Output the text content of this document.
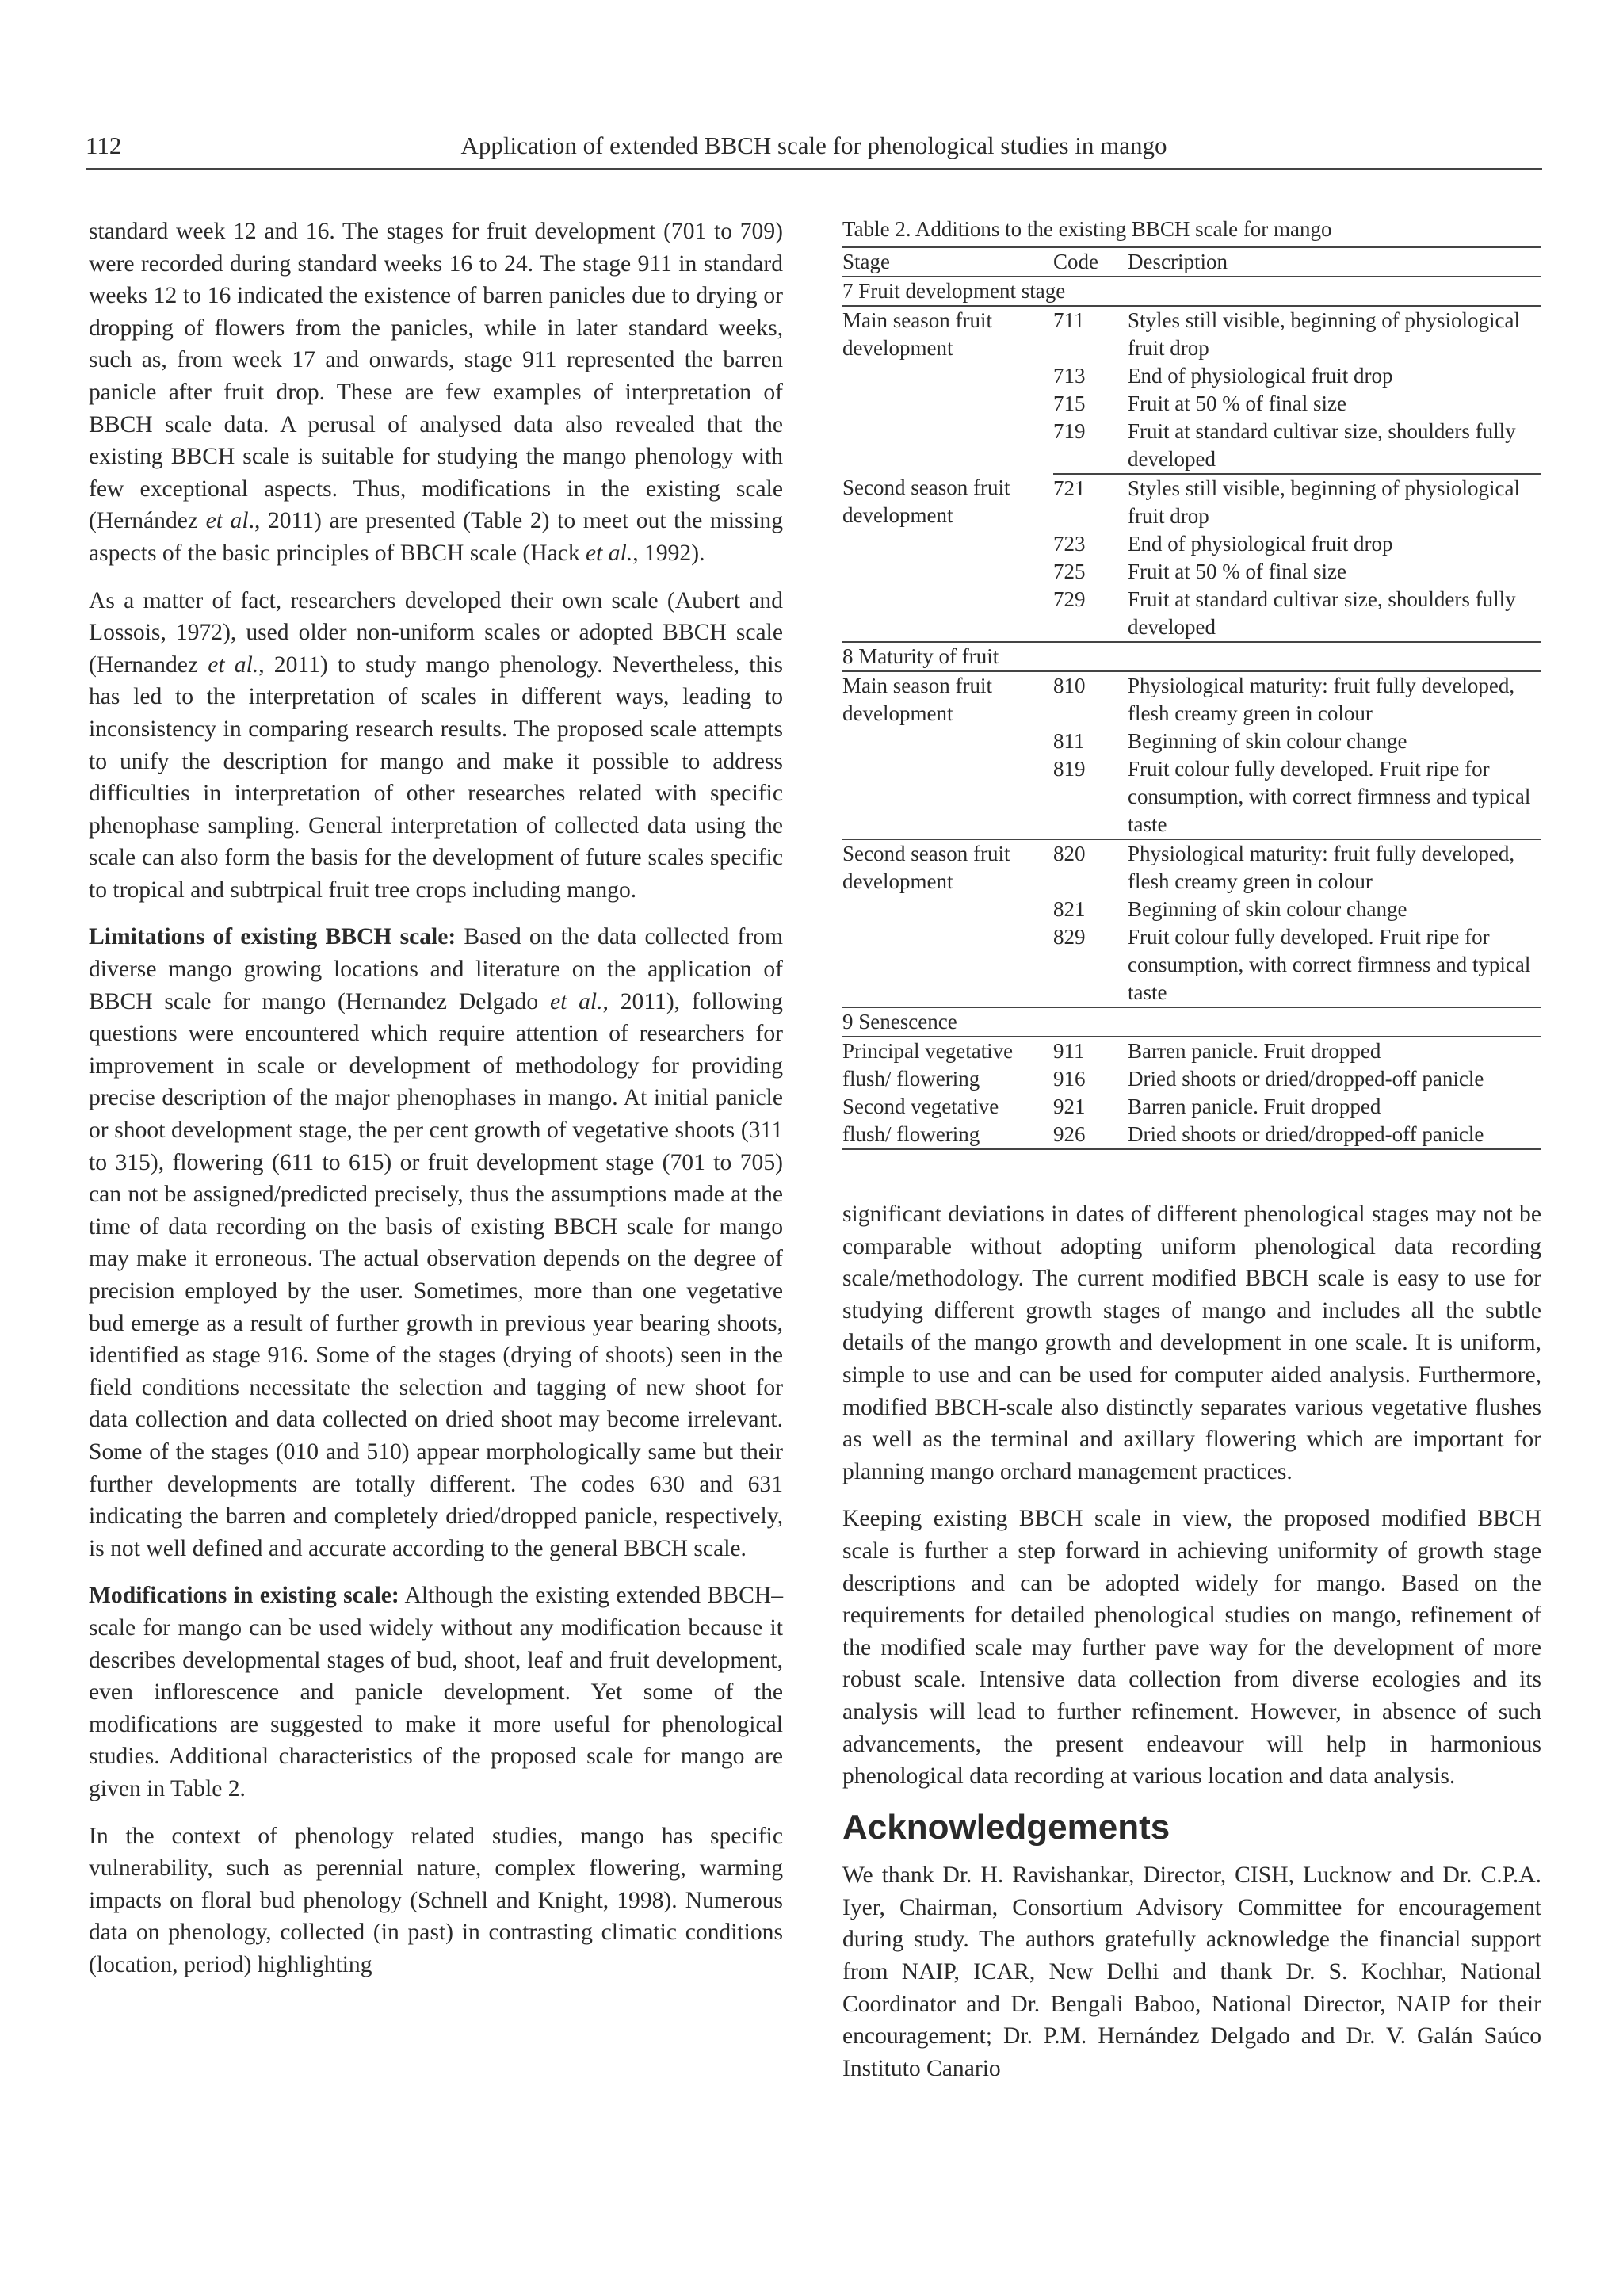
112	Application of extended BBCH scale for phenological studies in mango

standard week 12 and 16. The stages for fruit development (701 to 709) were recorded during standard weeks 16 to 24. The stage 911 in standard weeks 12 to 16 indicated the existence of barren panicles due to drying or dropping of flowers from the panicles, while in later standard weeks, such as, from week 17 and onwards, stage 911 represented the barren panicle after fruit drop. These are few examples of interpretation of BBCH scale data. A perusal of analysed data also revealed that the existing BBCH scale is suitable for studying the mango phenology with few exceptional aspects. Thus, modifications in the existing scale (Hernández et al., 2011) are presented (Table 2) to meet out the missing aspects of the basic principles of BBCH scale (Hack et al., 1992).

As a matter of fact, researchers developed their own scale (Aubert and Lossois, 1972), used older non-uniform scales or adopted BBCH scale (Hernandez et al., 2011) to study mango phenology. Nevertheless, this has led to the interpretation of scales in different ways, leading to inconsistency in comparing research results. The proposed scale attempts to unify the description for mango and make it possible to address difficulties in interpretation of other researches related with specific phenophase sampling. General interpretation of collected data using the scale can also form the basis for the development of future scales specific to tropical and subtrpical fruit tree crops including mango.

Limitations of existing BBCH scale: Based on the data collected from diverse mango growing locations and literature on the application of BBCH scale for mango (Hernandez Delgado et al., 2011), following questions were encountered which require attention of researchers for improvement in scale or development of methodology for providing precise description of the major phenophases in mango. At initial panicle or shoot development stage, the per cent growth of vegetative shoots (311 to 315), flowering (611 to 615) or fruit development stage (701 to 705) can not be assigned/predicted precisely, thus the assumptions made at the time of data recording on the basis of existing BBCH scale for mango may make it erroneous. The actual observation depends on the degree of precision employed by the user. Sometimes, more than one vegetative bud emerge as a result of further growth in previous year bearing shoots, identified as stage 916. Some of the stages (drying of shoots) seen in the field conditions necessitate the selection and tagging of new shoot for data collection and data collected on dried shoot may become irrelevant. Some of the stages (010 and 510) appear morphologically same but their further developments are totally different. The codes 630 and 631 indicating the barren and completely dried/dropped panicle, respectively, is not well defined and accurate according to the general BBCH scale.

Modifications in existing scale: Although the existing extended BBCH–scale for mango can be used widely without any modification because it describes developmental stages of bud, shoot, leaf and fruit development, even inflorescence and panicle development. Yet some of the modifications are suggested to make it more useful for phenological studies. Additional characteristics of the proposed scale for mango are given in Table 2.

In the context of phenology related studies, mango has specific vulnerability, such as perennial nature, complex flowering, warming impacts on floral bud phenology (Schnell and Knight, 1998). Numerous data on phenology, collected (in past) in contrasting climatic conditions (location, period) highlighting

Table 2. Additions to the existing BBCH scale for mango
Stage	Code	Description
7 Fruit development stage		
Main season fruit development	711	Styles still visible, beginning of physiological fruit drop
	713	End of physiological fruit drop
	715	Fruit at 50 % of final size
	719	Fruit at standard cultivar size, shoulders fully developed
Second season fruit development	721	Styles still visible, beginning of physiological fruit drop
	723	End of physiological fruit drop
	725	Fruit at 50 % of final size
	729	Fruit at standard cultivar size, shoulders fully developed
8 Maturity of fruit		
Main season fruit development	810	Physiological maturity: fruit fully developed, flesh creamy green in colour
	811	Beginning of skin colour change
	819	Fruit colour fully developed. Fruit ripe for consumption, with correct firmness and typical taste
Second season fruit development	820	Physiological maturity: fruit fully developed, flesh creamy green in colour
	821	Beginning of skin colour change
	829	Fruit colour fully developed. Fruit ripe for consumption, with correct firmness and typical taste
9 Senescence		
Principal vegetative flush/ flowering	911	Barren panicle. Fruit dropped
	916	Dried shoots or dried/dropped-off panicle
Second vegetative flush/ flowering	921	Barren panicle. Fruit dropped
	926	Dried shoots or dried/dropped-off panicle

significant deviations in dates of different phenological stages may not be comparable without adopting uniform phenological data recording scale/methodology. The current modified BBCH scale is easy to use for studying different growth stages of mango and includes all the subtle details of the mango growth and development in one scale. It is uniform, simple to use and can be used for computer aided analysis. Furthermore, modified BBCH-scale also distinctly separates various vegetative flushes as well as the terminal and axillary flowering which are important for planning mango orchard management practices.

Keeping existing BBCH scale in view, the proposed modified BBCH scale is further a step forward in achieving uniformity of growth stage descriptions and can be adopted widely for mango. Based on the requirements for detailed phenological studies on mango, refinement of the modified scale may further pave way for the development of more robust scale. Intensive data collection from diverse ecologies and its analysis will lead to further refinement. However, in absence of such advancements, the present endeavour will help in harmonious phenological data recording at various location and data analysis.

Acknowledgements

We thank Dr. H. Ravishankar, Director, CISH, Lucknow and Dr. C.P.A. Iyer, Chairman, Consortium Advisory Committee for encouragement during study. The authors gratefully acknowledge the financial support from NAIP, ICAR, New Delhi and thank Dr. S. Kochhar, National Coordinator and Dr. Bengali Baboo, National Director, NAIP for their encouragement; Dr. P.M. Hernández Delgado and Dr. V. Galán Saúco Instituto Canario
